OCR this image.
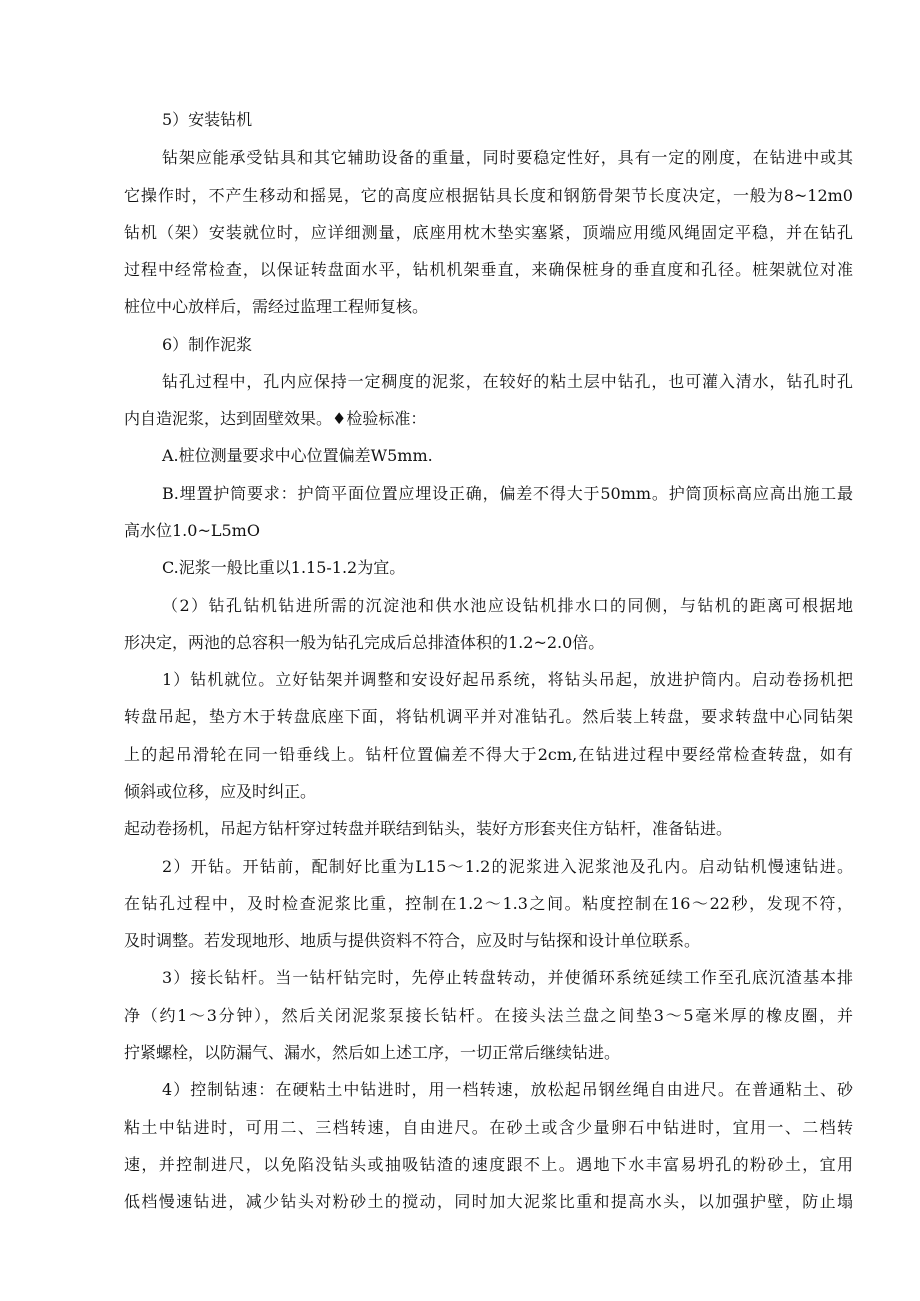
5）安装钻机
钻架应能承受钻具和其它辅助设备的重量，同时要稳定性好，具有一定的刚度，在钻进中或其
它操作时，不产生移动和摇晃，它的高度应根据钻具长度和钢筋骨架节长度决定，一般为8~12m0
钻机（架）安装就位时，应详细测量，底座用枕木垫实塞紧，顶端应用缆风绳固定平稳，并在钻孔
过程中经常检查，以保证转盘面水平，钻机机架垂直，来确保桩身的垂直度和孔径。桩架就位对准
桩位中心放样后，需经过监理工程师复核。
6）制作泥浆
钻孔过程中，孔内应保持一定稠度的泥浆，在较好的粘土层中钻孔，也可灌入清水，钻孔时孔
内自造泥浆，达到固壁效果。♦检验标准：
A.桩位测量要求中心位置偏差W5mm.
B.埋置护筒要求：护筒平面位置应埋设正确，偏差不得大于50mm。护筒顶标高应高出施工最
高水位1.0~L5mO
C.泥浆一般比重以1.15-1.2为宜。
（2）钻孔钻机钻进所需的沉淀池和供水池应设钻机排水口的同侧，与钻机的距离可根据地
形决定，两池的总容积一般为钻孔完成后总排渣体积的1.2~2.0倍。
1）钻机就位。立好钻架并调整和安设好起吊系统，将钻头吊起，放进护筒内。启动卷扬机把
转盘吊起，垫方木于转盘底座下面，将钻机调平并对准钻孔。然后装上转盘，要求转盘中心同钻架
上的起吊滑轮在同一铅垂线上。钻杆位置偏差不得大于2cm,在钻进过程中要经常检查转盘，如有
倾斜或位移，应及时纠正。
起动卷扬机，吊起方钻杆穿过转盘并联结到钻头，装好方形套夹住方钻杆，准备钻进。
2）开钻。开钻前，配制好比重为L15～1.2的泥浆进入泥浆池及孔内。启动钻机慢速钻进。
在钻孔过程中，及时检查泥浆比重，控制在1.2～1.3之间。粘度控制在16～22秒，发现不符，
及时调整。若发现地形、地质与提供资料不符合，应及时与钻探和设计单位联系。
3）接长钻杆。当一钻杆钻完时，先停止转盘转动，并使循环系统延续工作至孔底沉渣基本排
净（约1～3分钟），然后关闭泥浆泵接长钻杆。在接头法兰盘之间垫3～5毫米厚的橡皮圈，并
拧紧螺栓，以防漏气、漏水，然后如上述工序，一切正常后继续钻进。
4）控制钻速：在硬粘土中钻进时，用一档转速，放松起吊钢丝绳自由进尺。在普通粘土、砂
粘土中钻进时，可用二、三档转速，自由进尺。在砂土或含少量卵石中钻进时，宜用一、二档转
速，并控制进尺，以免陷没钻头或抽吸钻渣的速度跟不上。遇地下水丰富易坍孔的粉砂土，宜用
低档慢速钻进，减少钻头对粉砂土的搅动，同时加大泥浆比重和提高水头，以加强护壁，防止塌
